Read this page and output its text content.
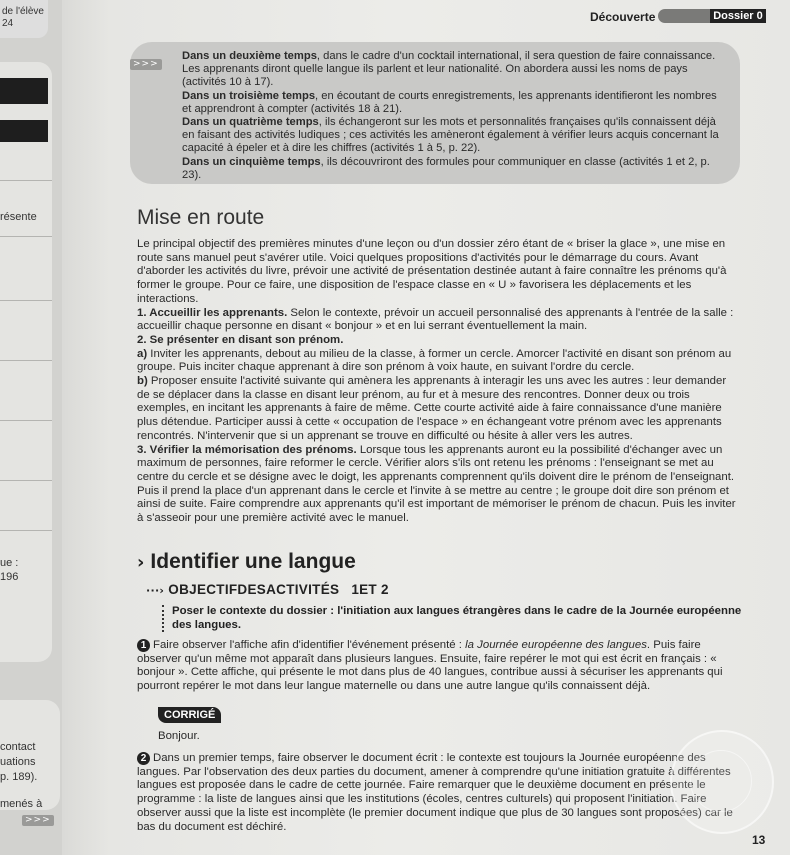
de l'élève
24
résente
ue :
196
contact
uations
p. 189).
menés à
>>>
Découverte	Dossier 0
>>>
Dans un deuxième temps, dans le cadre d'un cocktail international, il sera question de faire connaissance. Les apprenants diront quelle langue ils parlent et leur nationalité. On abordera aussi les noms de pays (activités 10 à 17).
Dans un troisième temps, en écoutant de courts enregistrements, les apprenants identifieront les nombres et apprendront à compter (activités 18 à 21).
Dans un quatrième temps, ils échangeront sur les mots et personnalités françaises qu'ils connaissent déjà en faisant des activités ludiques ; ces activités les amèneront également à vérifier leurs acquis concernant la capacité à épeler et à dire les chiffres (activités 1 à 5, p. 22).
Dans un cinquième temps, ils découvriront des formules pour communiquer en classe (activités 1 et 2, p. 23).
Mise en route
Le principal objectif des premières minutes d'une leçon ou d'un dossier zéro étant de « briser la glace », une mise en route sans manuel peut s'avérer utile. Voici quelques propositions d'activités pour le démarrage du cours. Avant d'aborder les activités du livre, prévoir une activité de présentation destinée autant à faire connaître les prénoms qu'à former le groupe. Pour ce faire, une disposition de l'espace classe en « U » favorisera les déplacements et les interactions.
1. Accueillir les apprenants. Selon le contexte, prévoir un accueil personnalisé des apprenants à l'entrée de la salle : accueillir chaque personne en disant « bonjour » et en lui serrant éventuellement la main.
2. Se présenter en disant son prénom.
a) Inviter les apprenants, debout au milieu de la classe, à former un cercle. Amorcer l'activité en disant son prénom au groupe. Puis inciter chaque apprenant à dire son prénom à voix haute, en suivant l'ordre du cercle.
b) Proposer ensuite l'activité suivante qui amènera les apprenants à interagir les uns avec les autres : leur demander de se déplacer dans la classe en disant leur prénom, au fur et à mesure des rencontres. Donner deux ou trois exemples, en incitant les apprenants à faire de même. Cette courte activité aide à faire connaissance d'une manière plus détendue. Participer aussi à cette « occupation de l'espace » en échangeant votre prénom avec les apprenants rencontrés. N'intervenir que si un apprenant se trouve en difficulté ou hésite à aller vers les autres.
3. Vérifier la mémorisation des prénoms. Lorsque tous les apprenants auront eu la possibilité d'échanger avec un maximum de personnes, faire reformer le cercle. Vérifier alors s'ils ont retenu les prénoms : l'enseignant se met au centre du cercle et se désigne avec le doigt, les apprenants comprennent qu'ils doivent dire le prénom de l'enseignant. Puis il prend la place d'un apprenant dans le cercle et l'invite à se mettre au centre ; le groupe doit dire son prénom et ainsi de suite. Faire comprendre aux apprenants qu'il est important de mémoriser le prénom de chacun. Puis les inviter à s'asseoir pour une première activité avec le manuel.
› Identifier une langue
···› OBJECTIFDESACTIVITÉS 1ET 2
Poser le contexte du dossier : l'initiation aux langues étrangères dans le cadre de la Journée européenne des langues.
1 Faire observer l'affiche afin d'identifier l'événement présenté : la Journée européenne des langues. Puis faire observer qu'un même mot apparaît dans plusieurs langues. Ensuite, faire repérer le mot qui est écrit en français : « bonjour ». Cette affiche, qui présente le mot dans plus de 40 langues, contribue aussi à sécuriser les apprenants qui pourront repérer le mot dans leur langue maternelle ou dans une autre langue qu'ils connaissent déjà.
CORRIGÉ
Bonjour.
2 Dans un premier temps, faire observer le document écrit : le contexte est toujours la Journée européenne des langues. Par l'observation des deux parties du document, amener à comprendre qu'une initiation gratuite à différentes langues est proposée dans le cadre de cette journée. Faire remarquer que le deuxième document en présente le programme : la liste de langues ainsi que les institutions (écoles, centres culturels) qui proposent l'initiation. Faire observer aussi que la liste est incomplète (le premier document indique que plus de 30 langues sont proposées) car le bas du document est déchiré.
13
